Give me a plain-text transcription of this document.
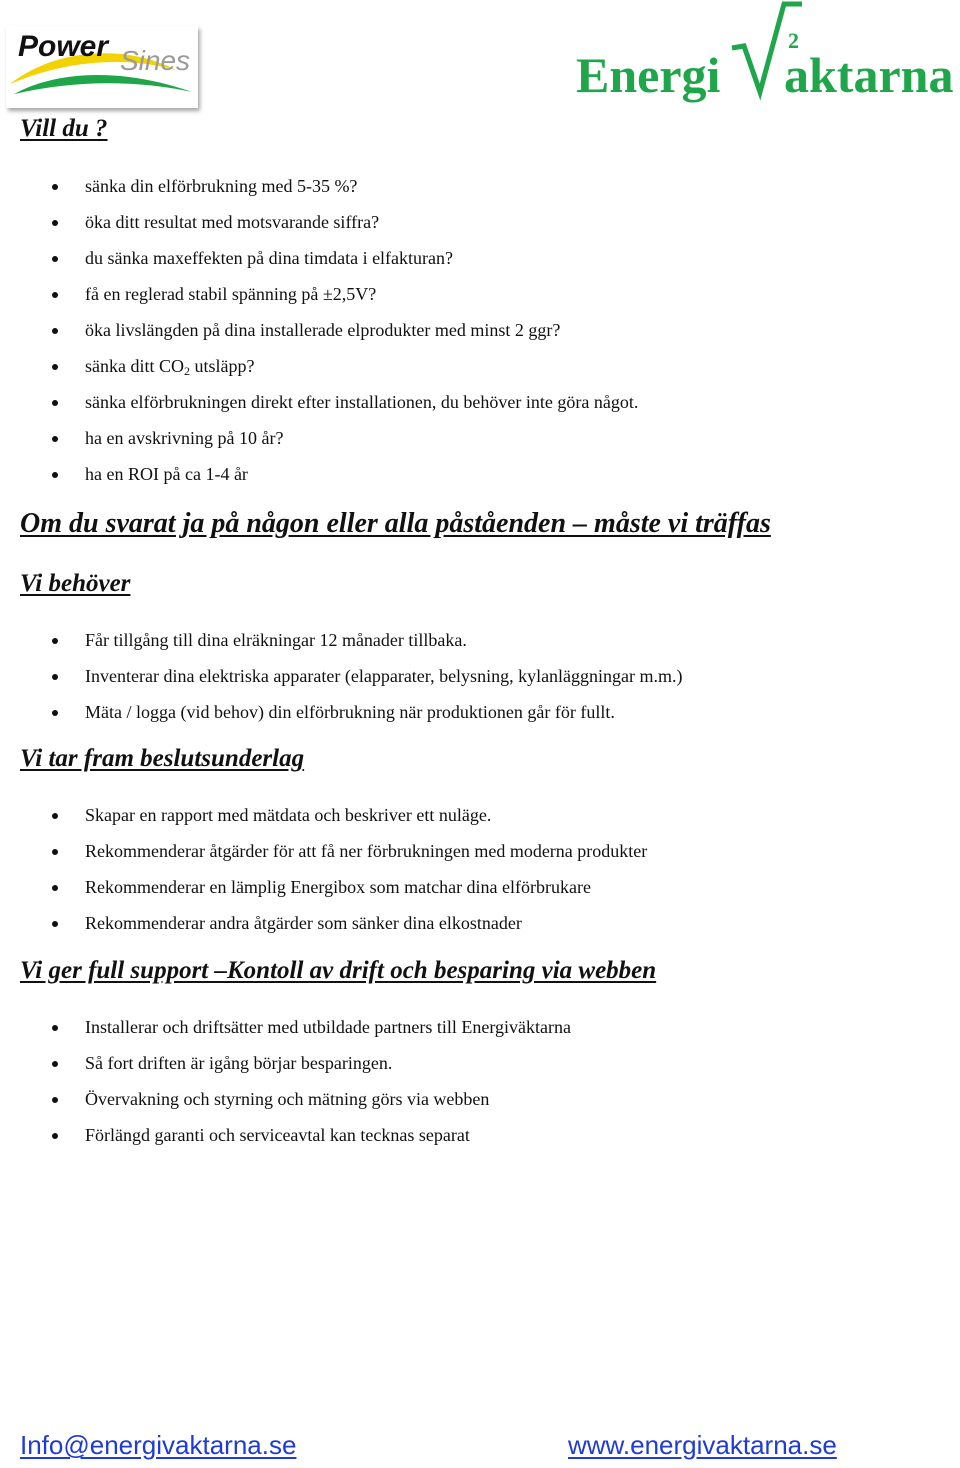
Power Sines	Energi
2
aktarna
Vill du ?
sänka din elförbrukning med 5-35 %?
öka ditt resultat med motsvarande siffra?
du sänka maxeffekten på dina timdata i elfakturan?
få en reglerad stabil spänning på ±2,5V?
öka livslängden på dina installerade elprodukter med minst 2 ggr?
sänka ditt $CO_2$ utsläpp?
sänka elförbrukningen direkt efter installationen, du behöver inte göra något.
ha en avskrivning på 10 år?
ha en ROI på ca 1-4 år
Om du svarat ja på någon eller alla påståenden – måste vi träffas
Vi behöver
Får tillgång till dina elräkningar 12 månader tillbaka.
Inventerar dina elektriska apparater (elapparater, belysning, kylanläggningar m.m.)
Mäta / logga (vid behov) din elförbrukning när produktionen går för fullt.
Vi tar fram beslutsunderlag
Skapar en rapport med mätdata och beskriver ett nuläge.
Rekommenderar åtgärder för att få ner förbrukningen med moderna produkter
Rekommenderar en lämplig Energibox som matchar dina elförbrukare
Rekommenderar andra åtgärder som sänker dina elkostnader
Vi ger full support –Kontoll av drift och besparing via webben
Installerar och driftsätter med utbildade partners till Energiväktarna
Så fort driften är igång börjar besparingen.
Övervakning och styrning och mätning görs via webben
Förlängd garanti och serviceavtal kan tecknas separat
Info@energivaktarna.se	www.energivaktarna.se
